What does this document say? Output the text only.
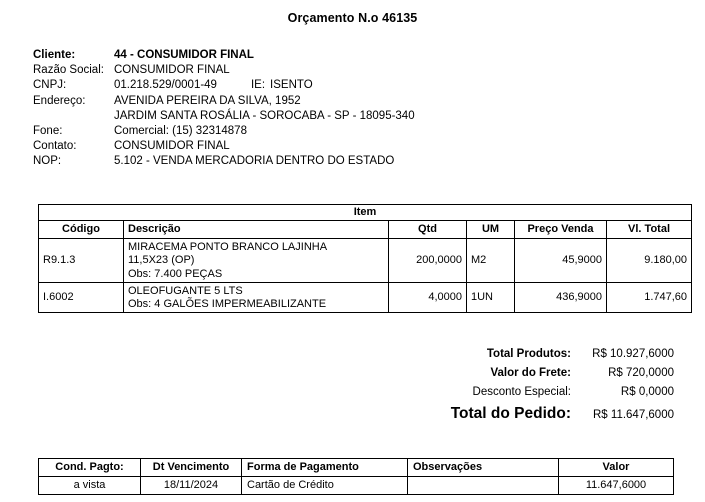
Orçamento N.o 46135
Cliente:	44 - CONSUMIDOR FINAL
Razão Social: CONSUMIDOR FINAL
CNPJ:	01.218.529/0001-49	IE: ISENTO
Endereço:	AVENIDA PEREIRA DA SILVA, 1952
JARDIM SANTA ROSÁLIA - SOROCABA - SP - 18095-340
Fone:	Comercial: (15) 32314878
Contato:	CONSUMIDOR FINAL
NOP:	5.102 - VENDA MERCADORIA DENTRO DO ESTADO
Item					
Código	Descrição	Qtd	UM	Preço Venda	Vl. Total
R9.1.3	MIRACEMA PONTO BRANCO LAJINHA
11,5X23 (OP)
Obs: 7.400 PEÇAS	200,0000	M2	45,9000	9.180,00
I.6002	OLEOFUGANTE 5 LTS
Obs: 4 GALÕES IMPERMEABILIZANTE	4,0000	1UN	436,9000	1.747,60
Total Produtos:	R$ 10.927,6000
Valor do Frete:	R$ 720,0000
Desconto Especial:	R$ 0,0000
Total do Pedido:	R$ 11.647,6000
Cond. Pagto:	Dt Vencimento	Forma de Pagamento	Observações	Valor
a vista	18/11/2024	Cartão de Crédito		11.647,6000
